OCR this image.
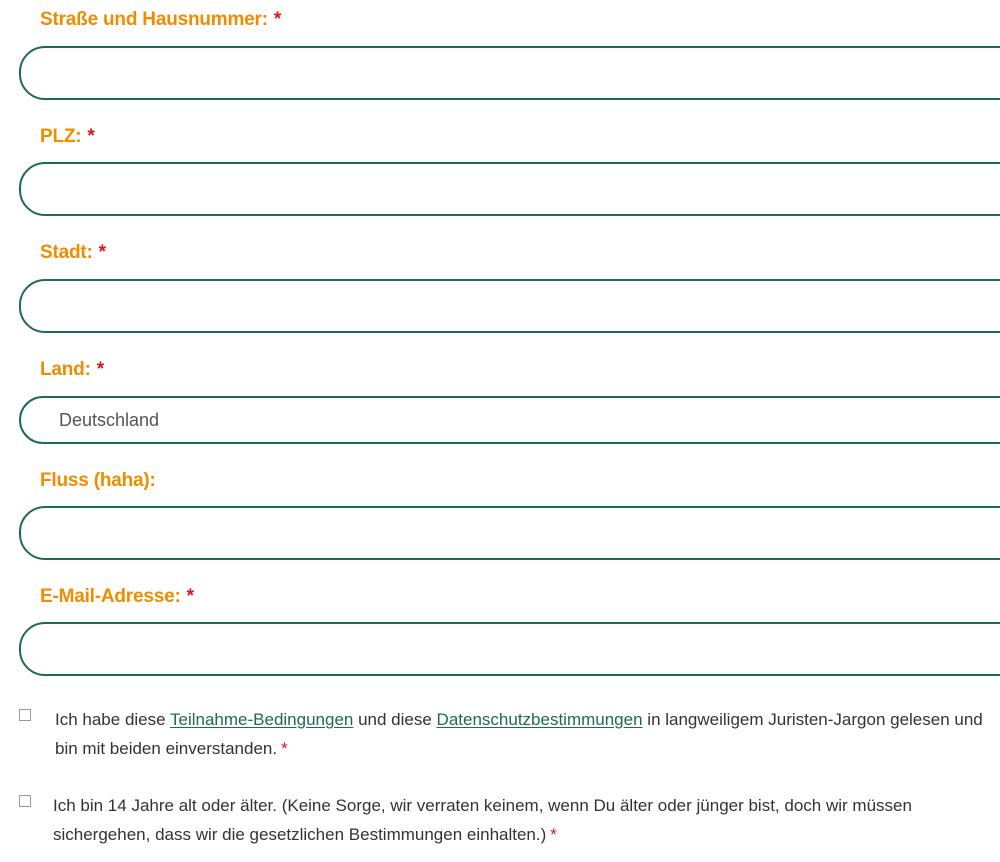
Straße und Hausnummer: *
PLZ: *
Stadt: *
Land: *
Deutschland
Fluss (haha):
E-Mail-Adresse: *
Ich habe diese Teilnahme-Bedingungen und diese Datenschutzbestimmungen in langweiligem Juristen-Jargon gelesen und
bin mit beiden einverstanden. *
Ich bin 14 Jahre alt oder älter. (Keine Sorge, wir verraten keinem, wenn Du älter oder jünger bist, doch wir müssen
sichergehen, dass wir die gesetzlichen Bestimmungen einhalten.) *
